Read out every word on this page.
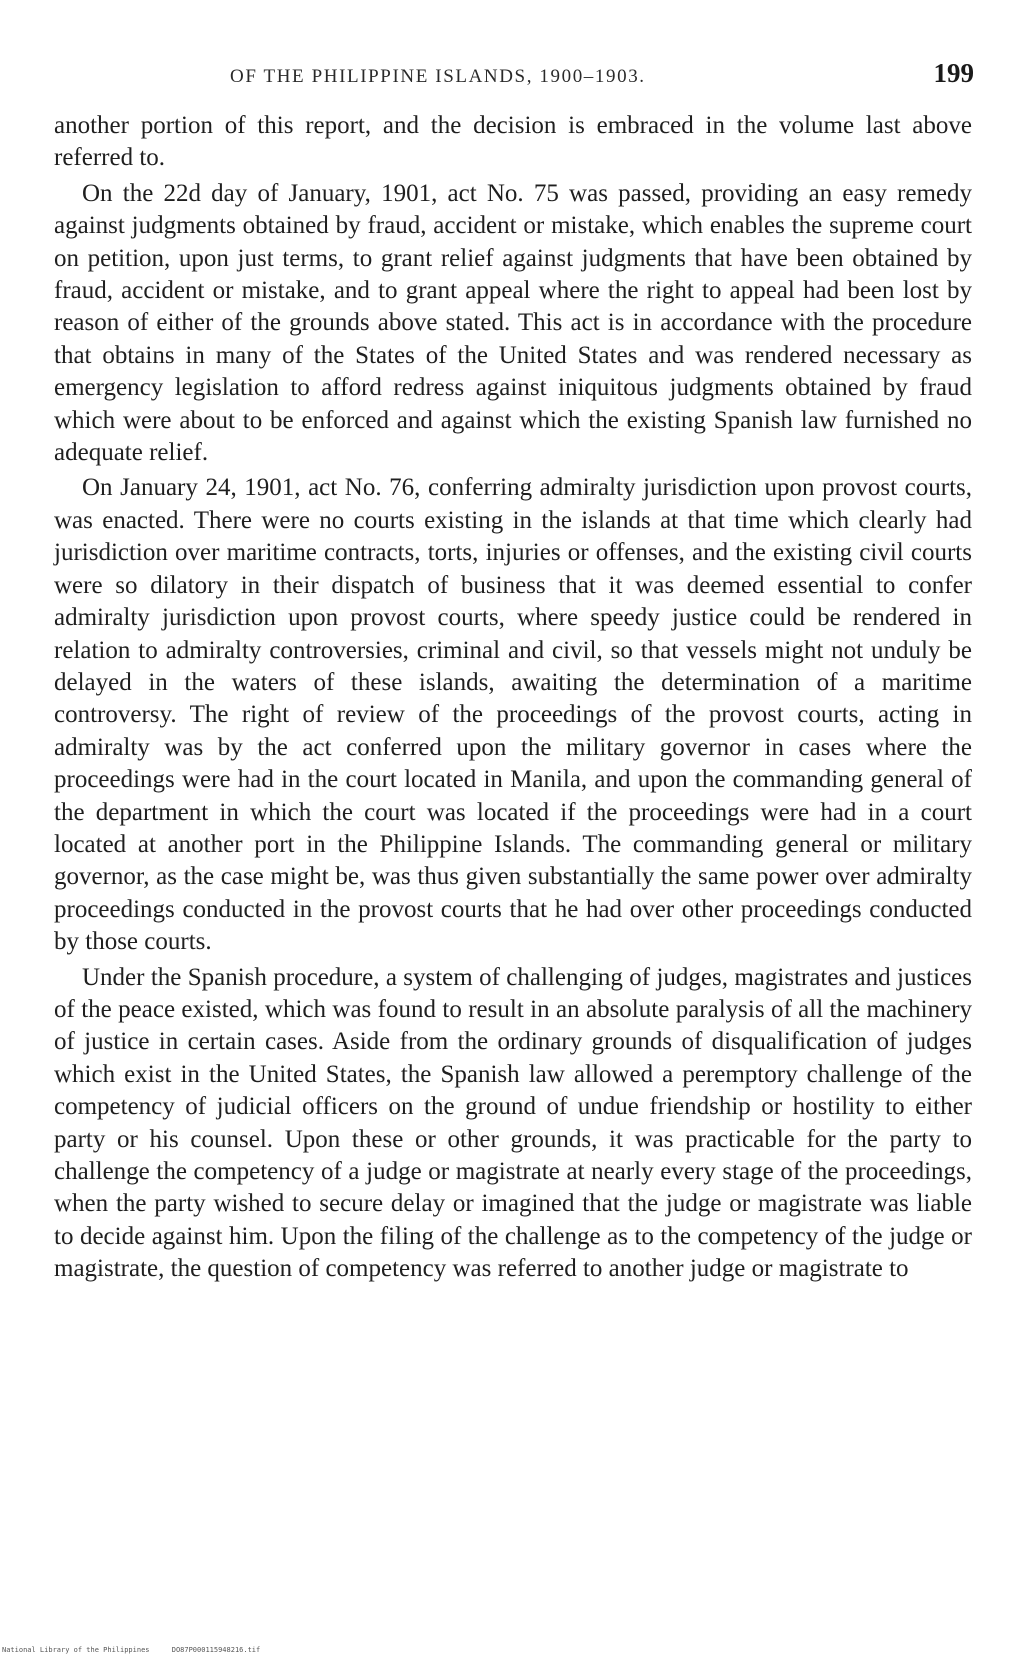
OF THE PHILIPPINE ISLANDS, 1900–1903.	199

another portion of this report, and the decision is embraced in the volume last above referred to.

On the 22d day of January, 1901, act No. 75 was passed, providing an easy remedy against judgments obtained by fraud, accident or mistake, which enables the supreme court on petition, upon just terms, to grant relief against judgments that have been obtained by fraud, accident or mistake, and to grant appeal where the right to appeal had been lost by reason of either of the grounds above stated. This act is in accordance with the procedure that obtains in many of the States of the United States and was rendered necessary as emergency legislation to afford redress against iniquitous judgments obtained by fraud which were about to be enforced and against which the existing Spanish law furnished no adequate relief.

On January 24, 1901, act No. 76, conferring admiralty jurisdiction upon provost courts, was enacted. There were no courts existing in the islands at that time which clearly had jurisdiction over maritime contracts, torts, injuries or offenses, and the existing civil courts were so dilatory in their dispatch of business that it was deemed essential to confer admiralty jurisdiction upon provost courts, where speedy justice could be rendered in relation to admiralty controversies, criminal and civil, so that vessels might not unduly be delayed in the waters of these islands, awaiting the determination of a maritime controversy. The right of review of the proceedings of the provost courts, acting in admiralty was by the act conferred upon the military governor in cases where the proceedings were had in the court located in Manila, and upon the commanding general of the department in which the court was located if the proceedings were had in a court located at another port in the Philippine Islands. The commanding general or military governor, as the case might be, was thus given substantially the same power over admiralty proceedings conducted in the provost courts that he had over other proceedings conducted by those courts.

Under the Spanish procedure, a system of challenging of judges, magistrates and justices of the peace existed, which was found to result in an absolute paralysis of all the machinery of justice in certain cases. Aside from the ordinary grounds of disqualification of judges which exist in the United States, the Spanish law allowed a peremptory challenge of the competency of judicial officers on the ground of undue friendship or hostility to either party or his counsel. Upon these or other grounds, it was practicable for the party to challenge the competency of a judge or magistrate at nearly every stage of the proceedings, when the party wished to secure delay or imagined that the judge or magistrate was liable to decide against him. Upon the filing of the challenge as to the competency of the judge or magistrate, the question of competency was referred to another judge or magistrate to

National Library of the Philippines	DO87P000115948216.tif
